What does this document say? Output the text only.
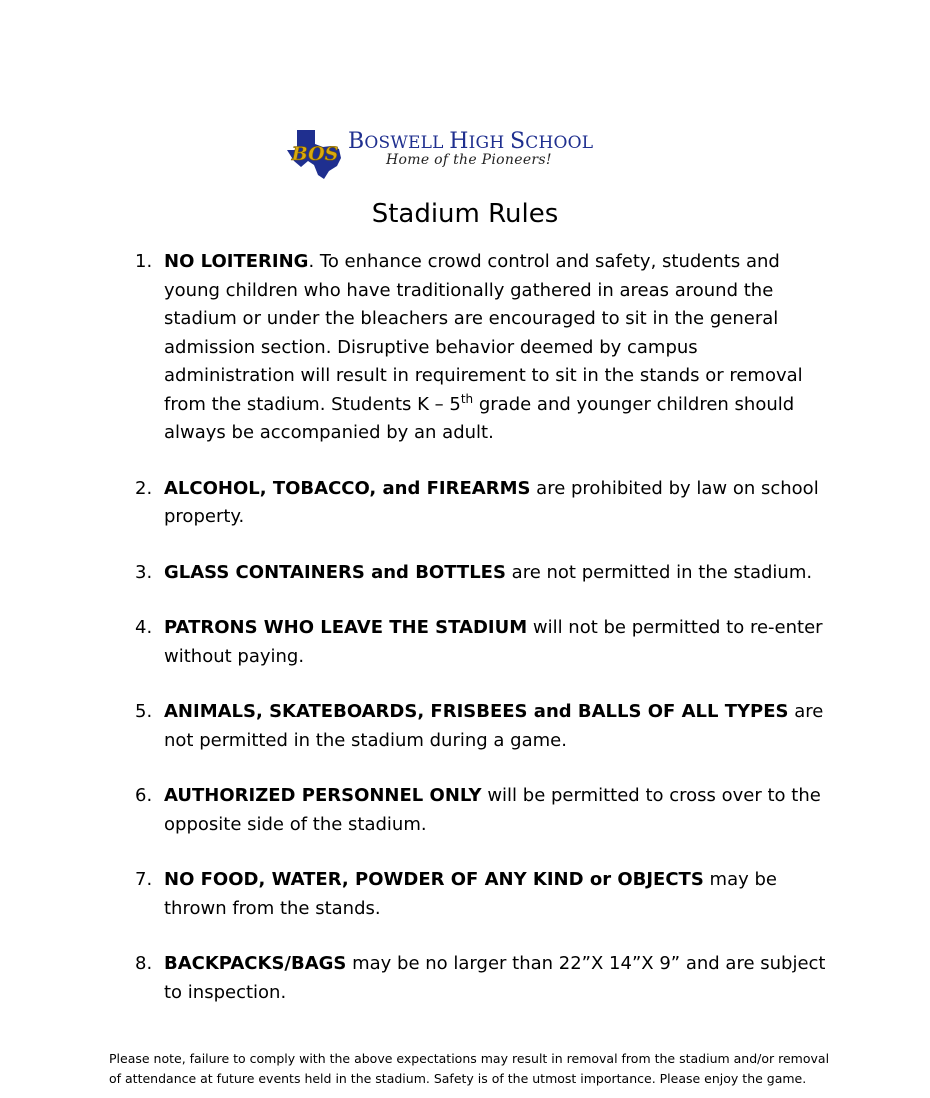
BOS BOSWELL HIGH SCHOOL
Home of the Pioneers!
Stadium Rules
1. NO LOITERING. To enhance crowd control and safety, students and young children who have traditionally gathered in areas around the stadium or under the bleachers are encouraged to sit in the general admission section. Disruptive behavior deemed by campus administration will result in requirement to sit in the stands or removal from the stadium. Students K – 5th grade and younger children should always be accompanied by an adult.
2. ALCOHOL, TOBACCO, and FIREARMS are prohibited by law on school property.
3. GLASS CONTAINERS and BOTTLES are not permitted in the stadium.
4. PATRONS WHO LEAVE THE STADIUM will not be permitted to re-enter without paying.
5. ANIMALS, SKATEBOARDS, FRISBEES and BALLS OF ALL TYPES are not permitted in the stadium during a game.
6. AUTHORIZED PERSONNEL ONLY will be permitted to cross over to the opposite side of the stadium.
7. NO FOOD, WATER, POWDER OF ANY KIND or OBJECTS may be thrown from the stands.
8. BACKPACKS/BAGS may be no larger than 22”X 14”X 9” and are subject to inspection.

Please note, failure to comply with the above expectations may result in removal from the stadium and/or removal of attendance at future events held in the stadium. Safety is of the utmost importance. Please enjoy the game.
